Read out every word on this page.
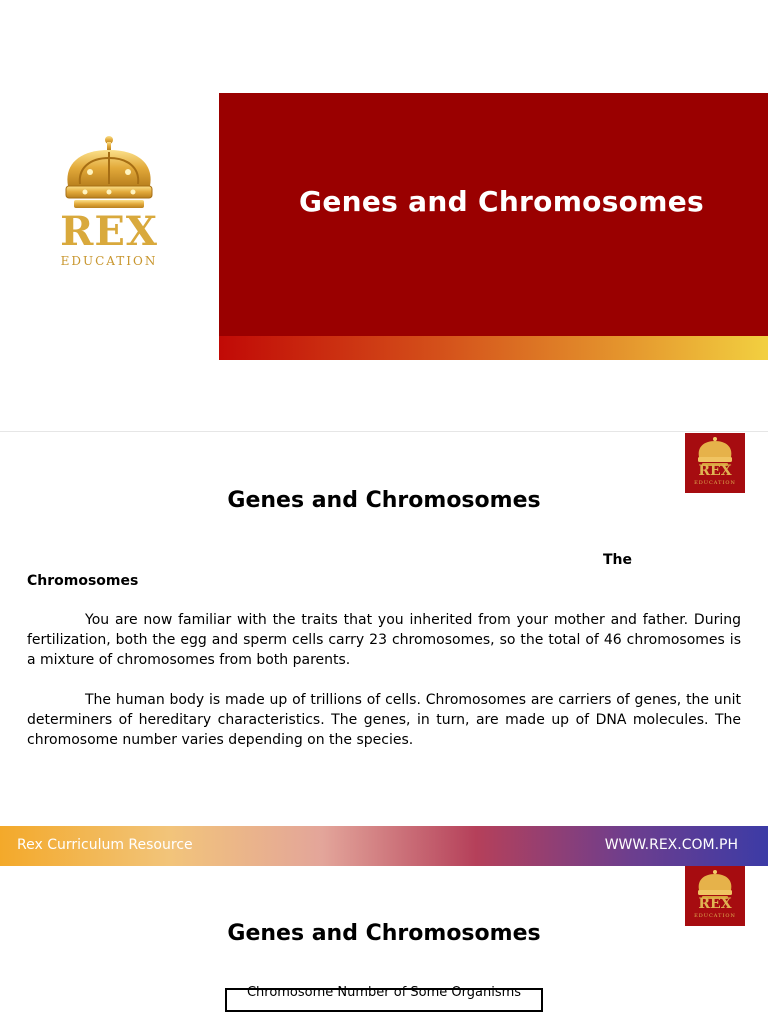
REX
EDUCATION
Genes and Chromosomes
REX
EDUCATION
Genes and Chromosomes
The
Chromosomes

You are now familiar with the traits that you inherited from your mother and father. During fertilization, both the egg and sperm cells carry 23 chromosomes, so the total of 46 chromosomes is a mixture of chromosomes from both parents.

The human body is made up of trillions of cells. Chromosomes are carriers of genes, the unit determiners of hereditary characteristics. The genes, in turn, are made up of DNA molecules. The chromosome number varies depending on the species.

Rex Curriculum Resource	WWW.REX.COM.PH
REX
EDUCATION
Genes and Chromosomes
Chromosome Number of Some Organisms
